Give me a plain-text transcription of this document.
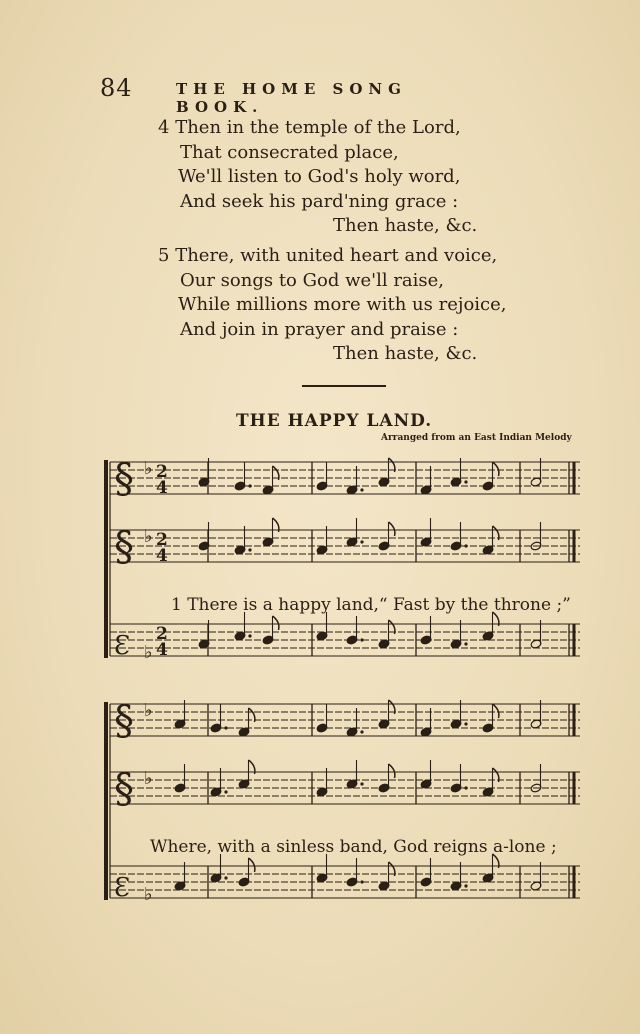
84	THE HOME SONG BOOK.
4 Then in the temple of the Lord,
That consecrated place,
We'll listen to God's holy word,
And seek his pard'ning grace :
Then haste, &c.
5 There, with united heart and voice,
Our songs to God we'll raise,
While millions more with us rejoice,
And join in prayer and praise :
Then haste, &c.
THE HAPPY LAND.
Arranged from an East Indian Melody
§ ♭ 2
4
§ ♭ 2
4
Ɛ ♭
2
4
1 There is a happy land,“ Fast by the throne ;”
§ ♭
§ ♭
Ɛ ♭
Where, with a sinless band, God reigns a-lone ;
